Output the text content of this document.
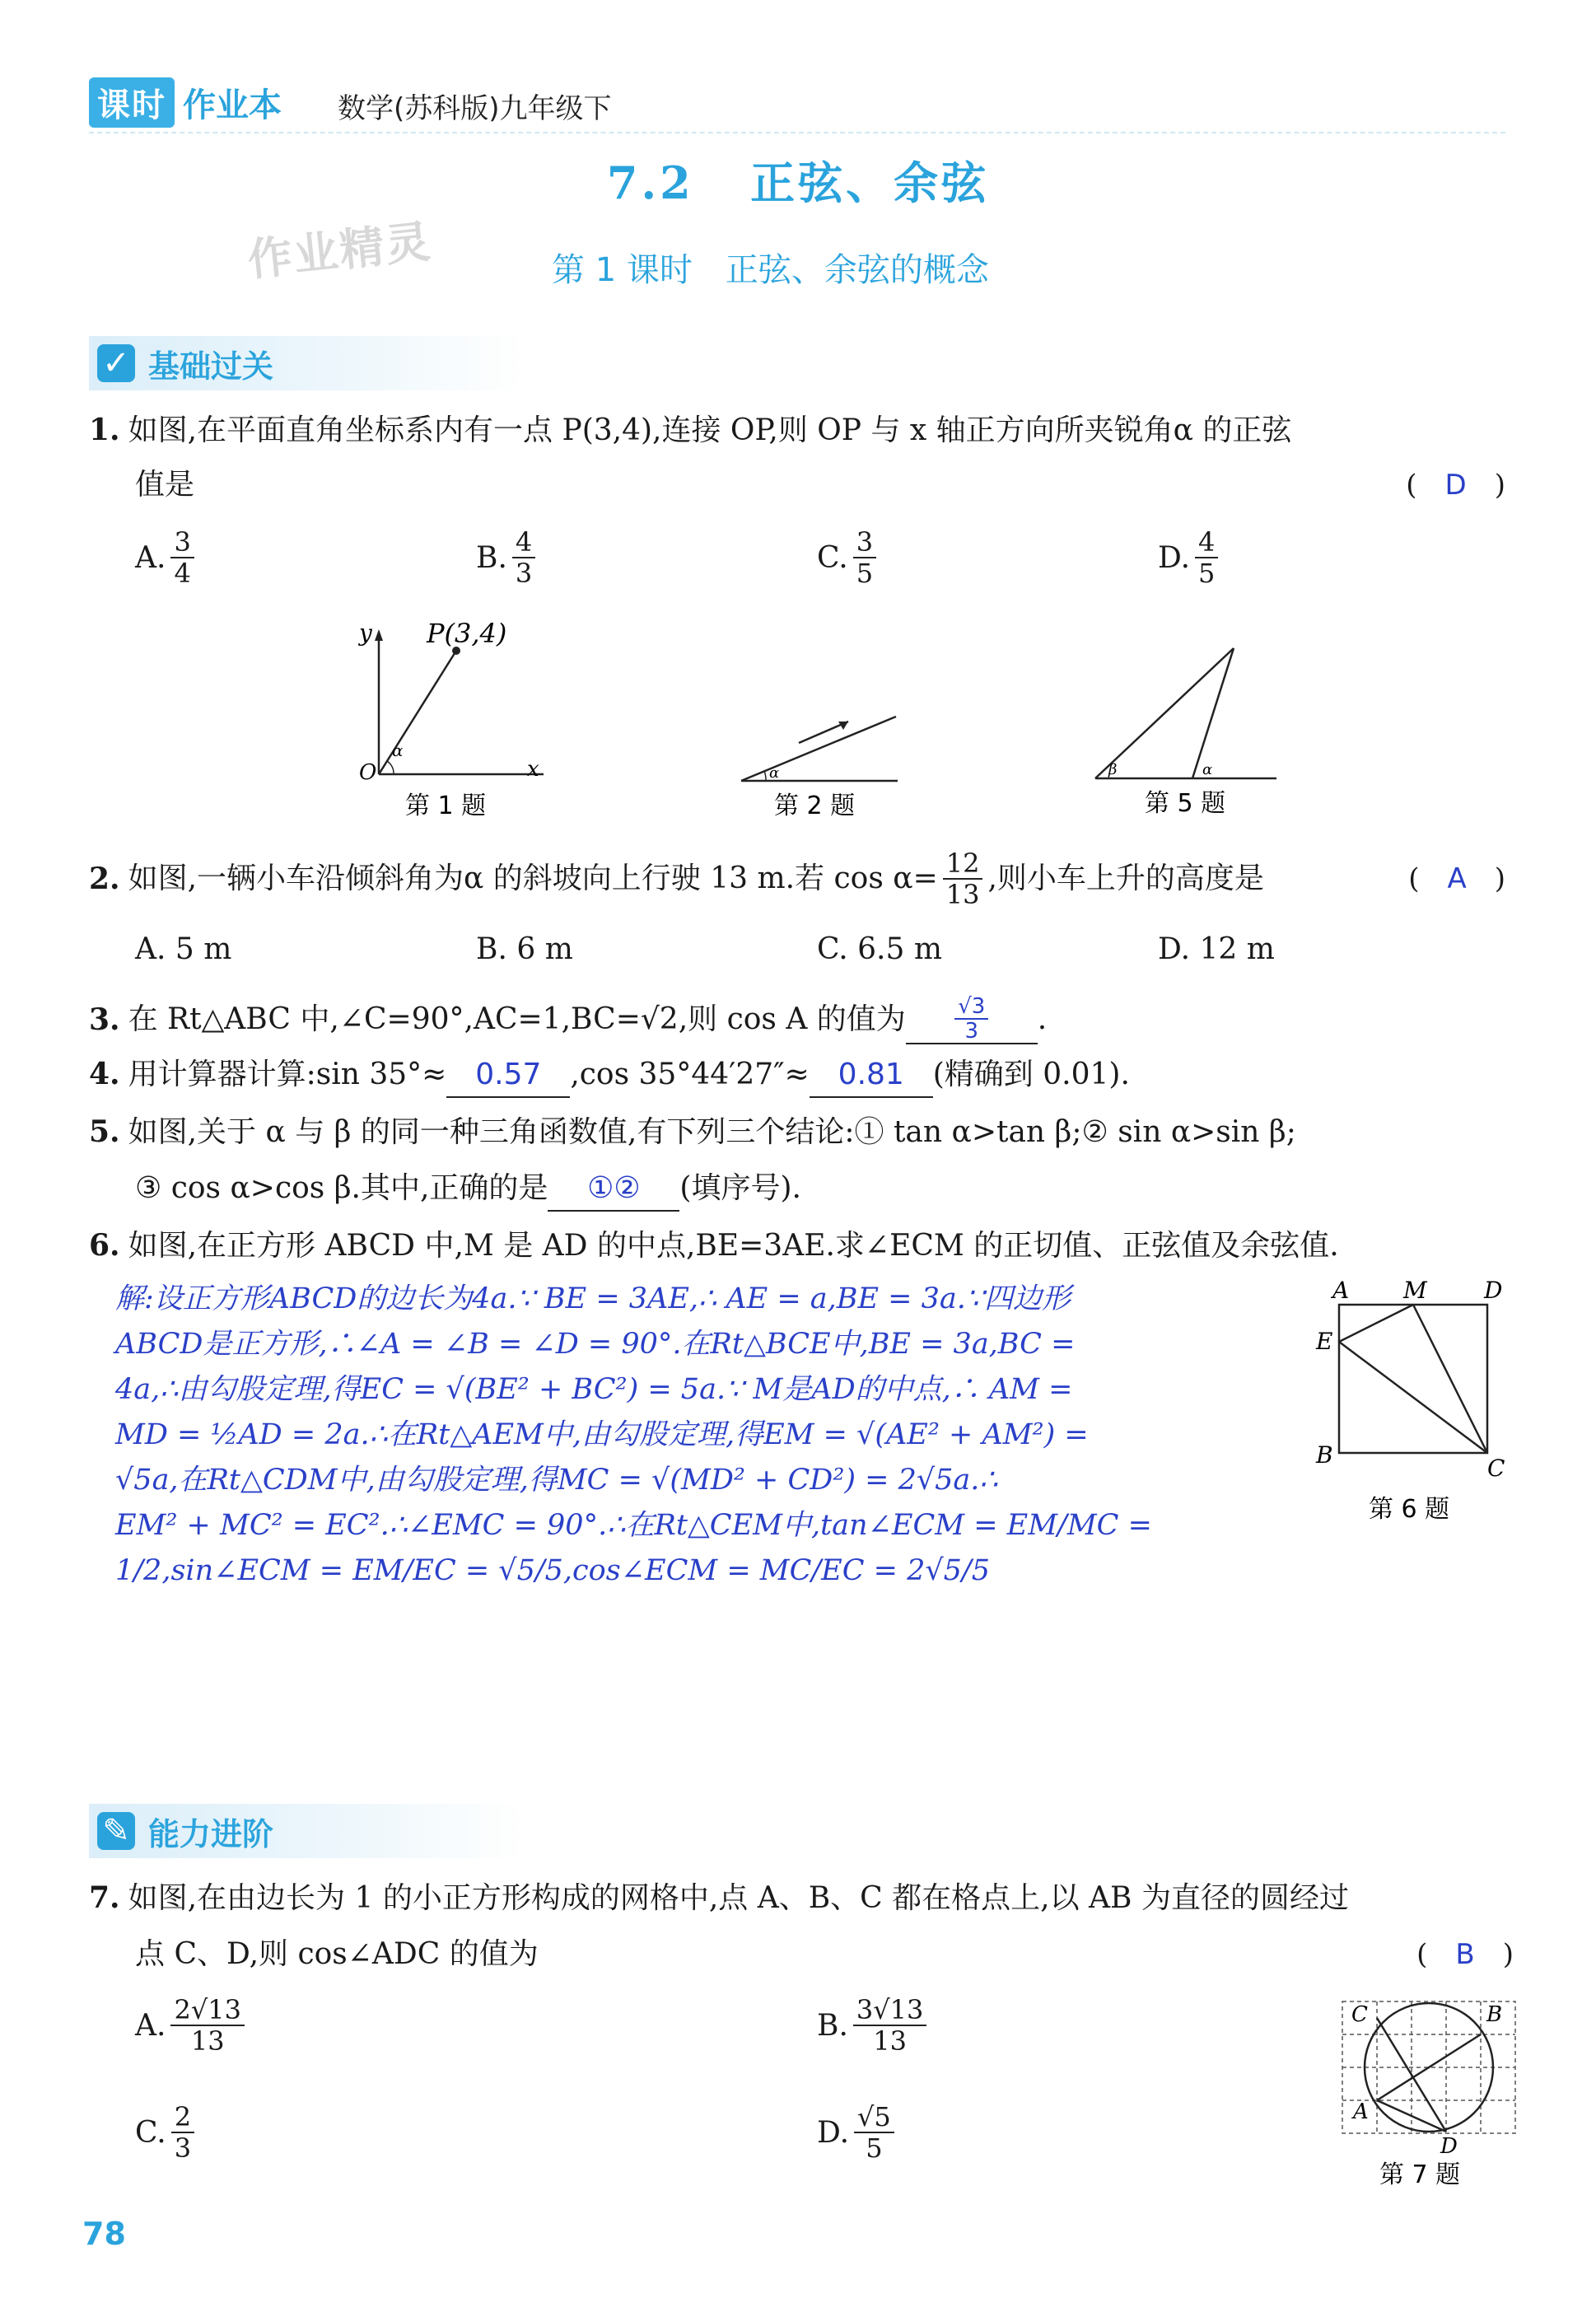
课时 作业本 数学(苏科版)九年级下
7.2 正弦、余弦
作业精灵	第 1 课时　正弦、余弦的概念
✓ 基础过关
1. 如图,在平面直角坐标系内有一点 P(3,4),连接 OP,则 OP 与 x 轴正方向所夹锐角α 的正弦
值是	(　D　)
A. $\frac{3}{4}$	B. $\frac{4}{3}$	C. $\frac{3}{5}$	D. $\frac{4}{5}$
P(3,4)
y
x
O
α
第 1 题
α
第 2 题
β	α
第 5 题
2. 如图,一辆小车沿倾斜角为α 的斜坡向上行驶 13 m.若 $\cos \alpha= \frac{12}{13}$ ,则小车上升的高度是	(　A　)
A. 5 m	B. 6 m	C. 6.5 m	D. 12 m
3. 在 Rt△ABC 中,∠C=90°,AC=1,BC=√2,则 cos A 的值为 $\frac{√3}{3}$ .
4. 用计算器计算:sin 35°≈ 0.57 ,cos 35°44′27″≈ 0.81 (精确到 0.01).
5. 如图,关于 α 与 β 的同一种三角函数值,有下列三个结论:① tan α>tan β;② sin α>sin β;
③ cos α>cos β.其中,正确的是 ①② (填序号).
6. 如图,在正方形 ABCD 中,M 是 AD 的中点,BE=3AE.求∠ECM 的正切值、正弦值及余弦值.
解:设正方形ABCD的边长为4a.∵ BE = 3AE,∴ AE = a,BE = 3a.∵四边形
ABCD是正方形,∴∠A = ∠B = ∠D = 90°.在Rt△BCE中,BE = 3a,BC =
4a,∴由勾股定理,得EC = √(BE² + BC²) = 5a.∵ M是AD的中点,∴ AM =
MD = ½AD = 2a.∴在Rt△AEM中,由勾股定理,得EM = √(AE² + AM²) =
√5a,在Rt△CDM中,由勾股定理,得MC = √(MD² + CD²) = 2√5a.∴
EM² + MC² = EC².∴∠EMC = 90°.∴在Rt△CEM中,tan∠ECM = EM/MC =
1/2,sin∠ECM = EM/EC = √5/5,cos∠ECM = MC/EC = 2√5/5
A M D
E
B	C
第 6 题
✎ 能力进阶
7. 如图,在由边长为 1 的小正方形构成的网格中,点 A、B、C 都在格点上,以 AB 为直径的圆经过
点 C、D,则 cos∠ADC 的值为	(　B　)
A. $\frac{2√13}{13}$	B. $\frac{3√13}{13}$
C. $\frac{2}{3}$	D. $\frac{√5}{5}$
C	B
A
D
第 7 题
78
